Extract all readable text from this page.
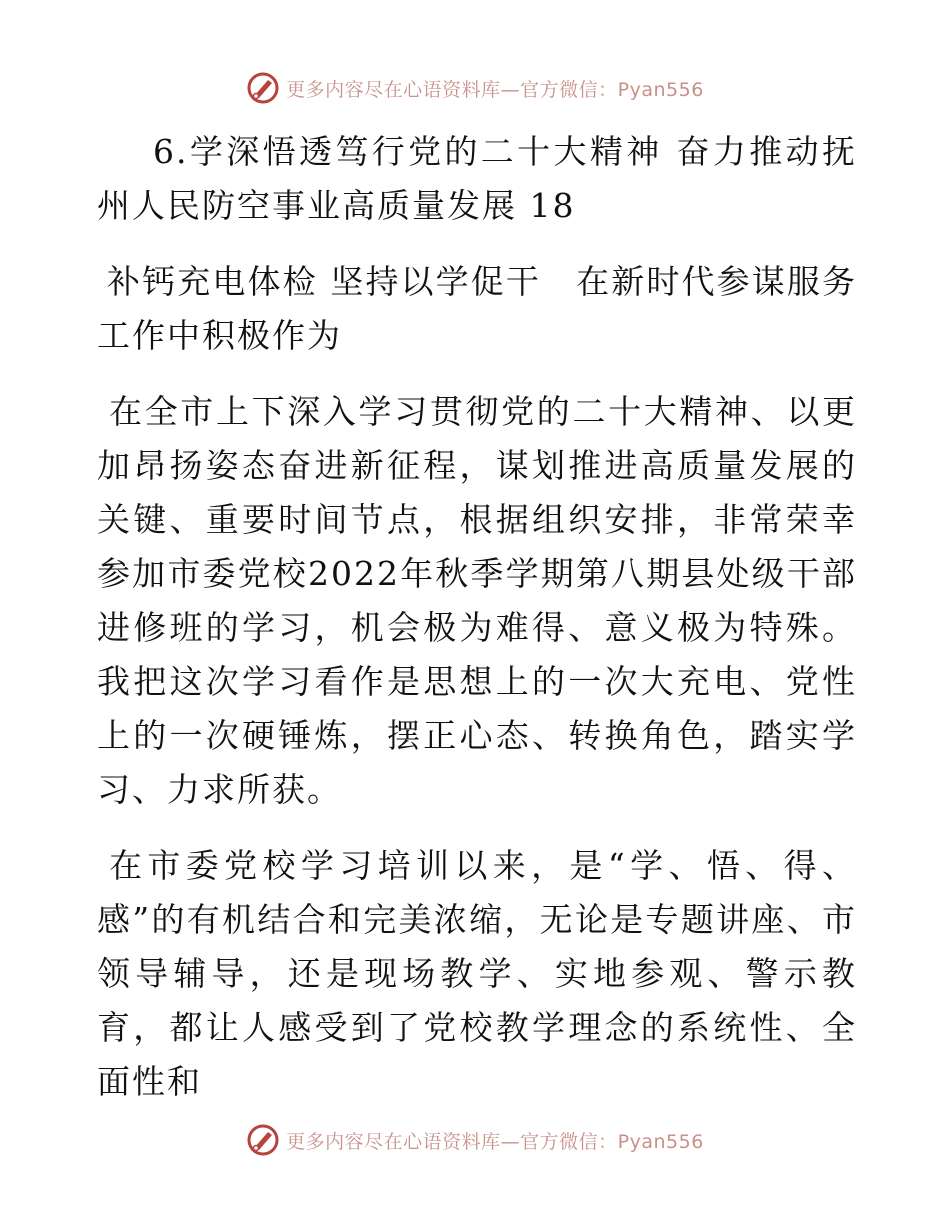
更多内容尽在心语资料库—官方微信：Pyan556

6.学深悟透笃行党的二十大精神 奋力推动抚州人民防空事业高质量发展 18

补钙充电体检 坚持以学促干　在新时代参谋服务工作中积极作为

在全市上下深入学习贯彻党的二十大精神、以更加昂扬姿态奋进新征程，谋划推进高质量发展的关键、重要时间节点，根据组织安排，非常荣幸参加市委党校2022年秋季学期第八期县处级干部进修班的学习，机会极为难得、意义极为特殊。我把这次学习看作是思想上的一次大充电、党性上的一次硬锤炼，摆正心态、转换角色，踏实学习、力求所获。

在市委党校学习培训以来，是“学、悟、得、感”的有机结合和完美浓缩，无论是专题讲座、市领导辅导，还是现场教学、实地参观、警示教育，都让人感受到了党校教学理念的系统性、全面性和

更多内容尽在心语资料库—官方微信：Pyan556
